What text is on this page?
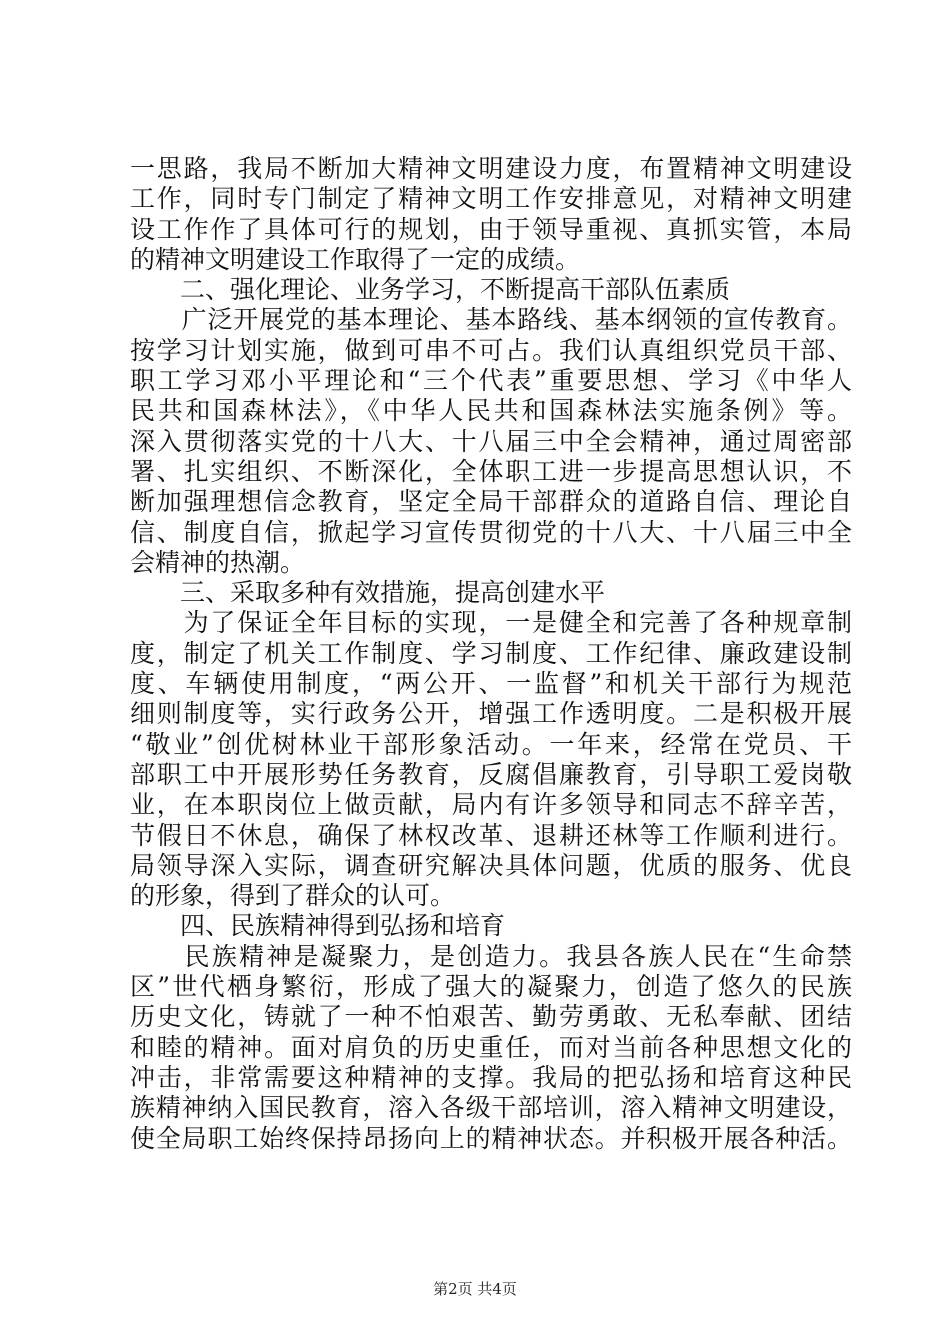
一思路，我局不断加大精神文明建设力度，布置精神文明建设
工作，同时专门制定了精神文明工作安排意见，对精神文明建
设工作作了具体可行的规划，由于领导重视、真抓实管，本局
的精神文明建设工作取得了一定的成绩。
　　二、强化理论、业务学习，不断提高干部队伍素质
　　广泛开展党的基本理论、基本路线、基本纲领的宣传教育。
按学习计划实施，做到可串不可占。我们认真组织党员干部、
职工学习邓小平理论和“三个代表”重要思想、学习《中华人
民共和国森林法》，《中华人民共和国森林法实施条例》等。
深入贯彻落实党的十八大、十八届三中全会精神，通过周密部
署、扎实组织、不断深化，全体职工进一步提高思想认识，不
断加强理想信念教育，坚定全局干部群众的道路自信、理论自
信、制度自信，掀起学习宣传贯彻党的十八大、十八届三中全
会精神的热潮。
　　三、采取多种有效措施，提高创建水平
　　为了保证全年目标的实现，一是健全和完善了各种规章制
度，制定了机关工作制度、学习制度、工作纪律、廉政建设制
度、车辆使用制度，“两公开、一监督”和机关干部行为规范
细则制度等，实行政务公开，增强工作透明度。二是积极开展
“敬业”创优树林业干部形象活动。一年来，经常在党员、干
部职工中开展形势任务教育，反腐倡廉教育，引导职工爱岗敬
业，在本职岗位上做贡献，局内有许多领导和同志不辞辛苦，
节假日不休息，确保了林权改革、退耕还林等工作顺利进行。
局领导深入实际，调查研究解决具体问题，优质的服务、优良
的形象，得到了群众的认可。
　　四、民族精神得到弘扬和培育
　　民族精神是凝聚力，是创造力。我县各族人民在“生命禁
区”世代栖身繁衍，形成了强大的凝聚力，创造了悠久的民族
历史文化，铸就了一种不怕艰苦、勤劳勇敢、无私奉献、团结
和睦的精神。面对肩负的历史重任，而对当前各种思想文化的
冲击，非常需要这种精神的支撑。我局的把弘扬和培育这种民
族精神纳入国民教育，溶入各级干部培训，溶入精神文明建设，
使全局职工始终保持昂扬向上的精神状态。并积极开展各种活。
第2页 共4页
